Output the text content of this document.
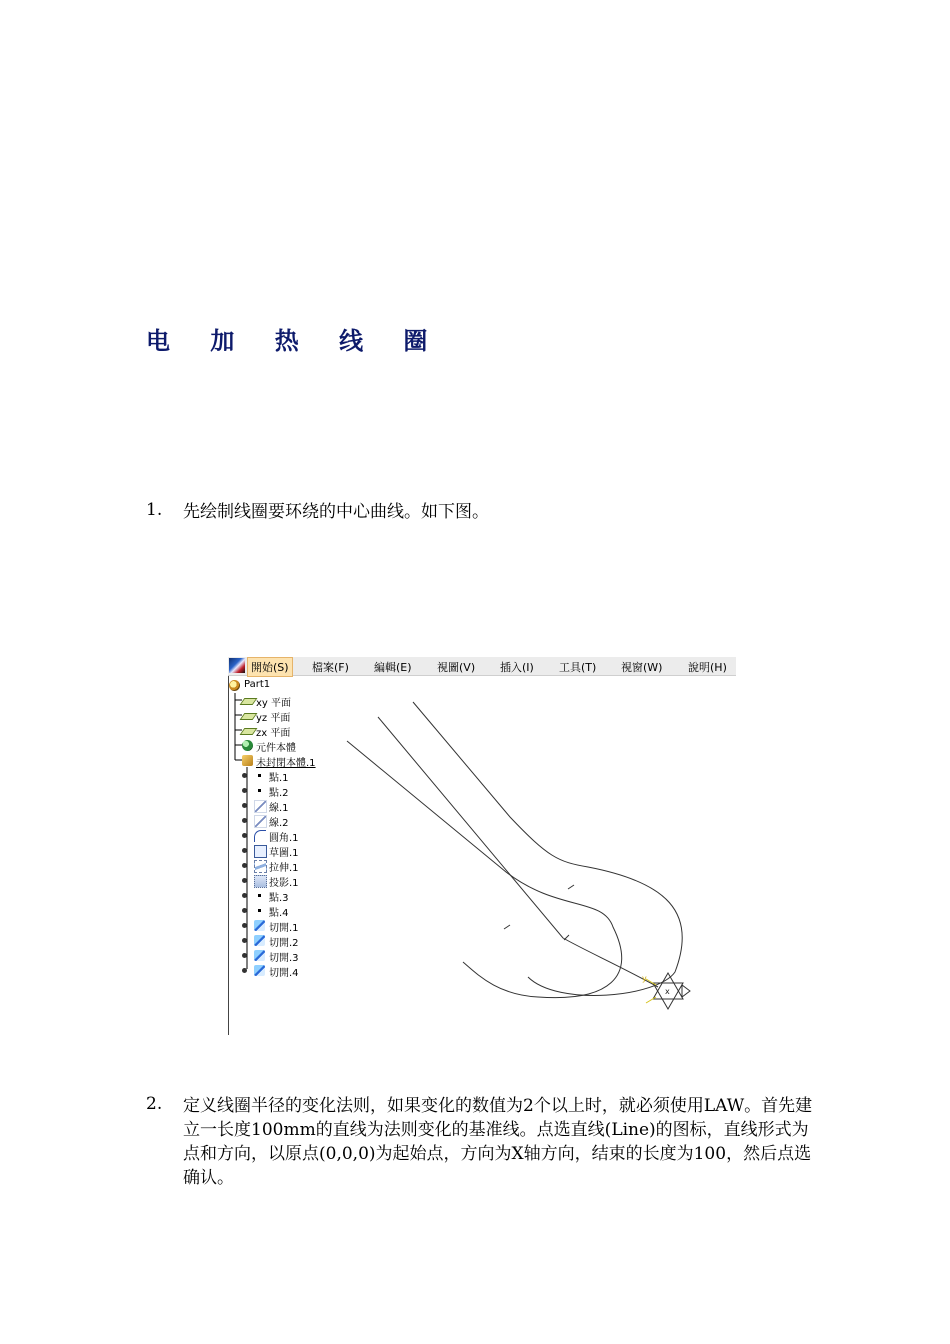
电 加 热 线 圈
1. 先绘制线圈要环绕的中心曲线。如下图。
開始(S)	檔案(F) 編輯(E) 視圖(V) 插入(I) 工具(T) 視窗(W) 說明(H)
Part1
xy 平面
yz 平面
zx 平面
元件本體
未封閉本體.1
點.1
點.2
線.1
線.2
圓角.1
草圖.1
拉伸.1
投影.1
點.3
點.4
切開.1
切開.2
切開.3
切開.4
x
y
2. 定义线圈半径的变化法则，如果变化的数值为2个以上时，就必须使用LAW。首先建立一长度100mm的直线为法则变化的基准线。点选直线(Line)的图标，直线形式为点和方向，以原点(0,0,0)为起始点，方向为X轴方向，结束的长度为100，然后点选确认。
